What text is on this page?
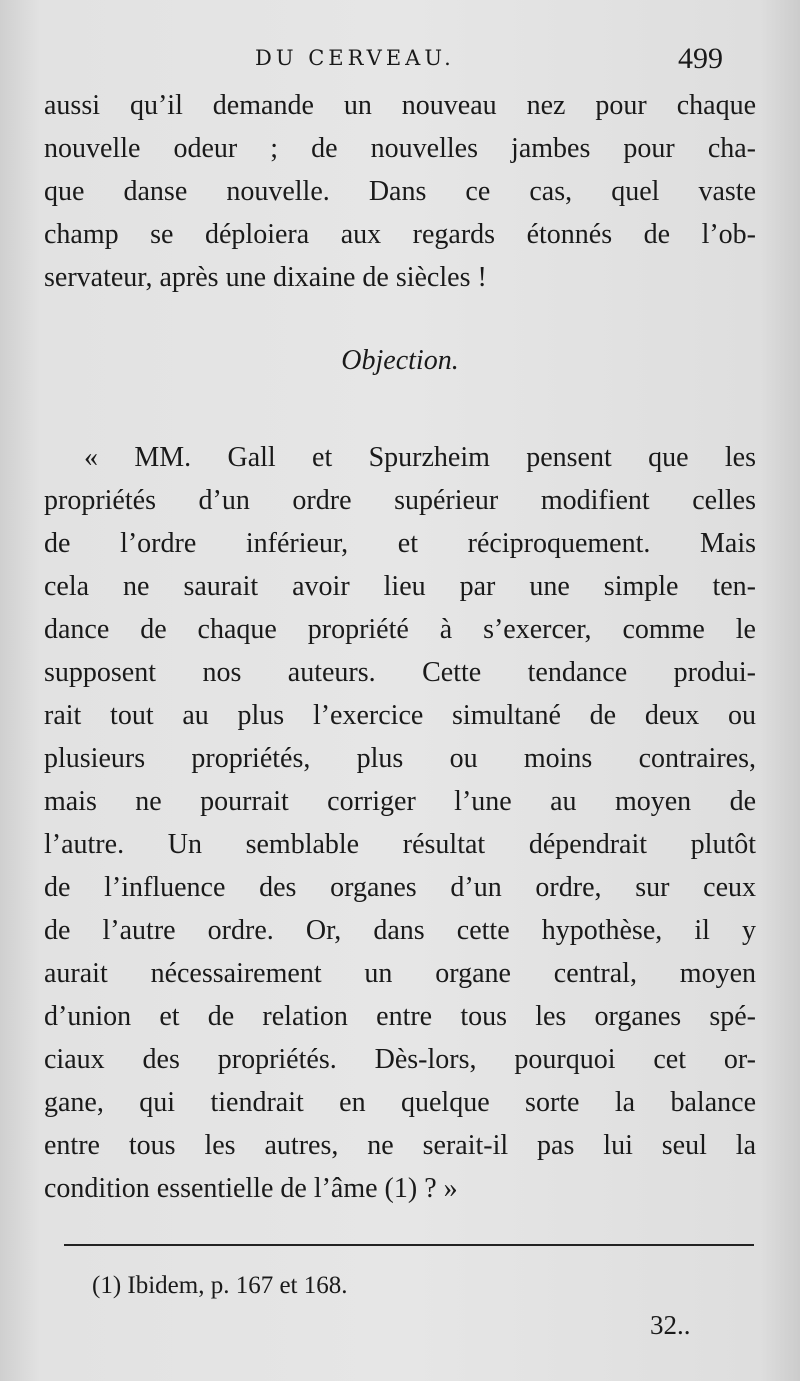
DU CERVEAU.	499
aussi qu’il demande un nouveau nez pour chaque
nouvelle odeur ; de nouvelles jambes pour cha-
que danse nouvelle. Dans ce cas, quel vaste
champ se déploiera aux regards étonnés de l’ob-
servateur, après une dixaine de siècles !
Objection.
« MM. Gall et Spurzheim pensent que les
propriétés d’un ordre supérieur modifient celles
de l’ordre inférieur, et réciproquement. Mais
cela ne saurait avoir lieu par une simple ten-
dance de chaque propriété à s’exercer, comme le
supposent nos auteurs. Cette tendance produi-
rait tout au plus l’exercice simultané de deux ou
plusieurs propriétés, plus ou moins contraires,
mais ne pourrait corriger l’une au moyen de
l’autre. Un semblable résultat dépendrait plutôt
de l’influence des organes d’un ordre, sur ceux
de l’autre ordre. Or, dans cette hypothèse, il y
aurait nécessairement un organe central, moyen
d’union et de relation entre tous les organes spé-
ciaux des propriétés. Dès-lors, pourquoi cet or-
gane, qui tiendrait en quelque sorte la balance
entre tous les autres, ne serait-il pas lui seul la
condition essentielle de l’âme (1) ? »
(1) Ibidem, p. 167 et 168.
32..
